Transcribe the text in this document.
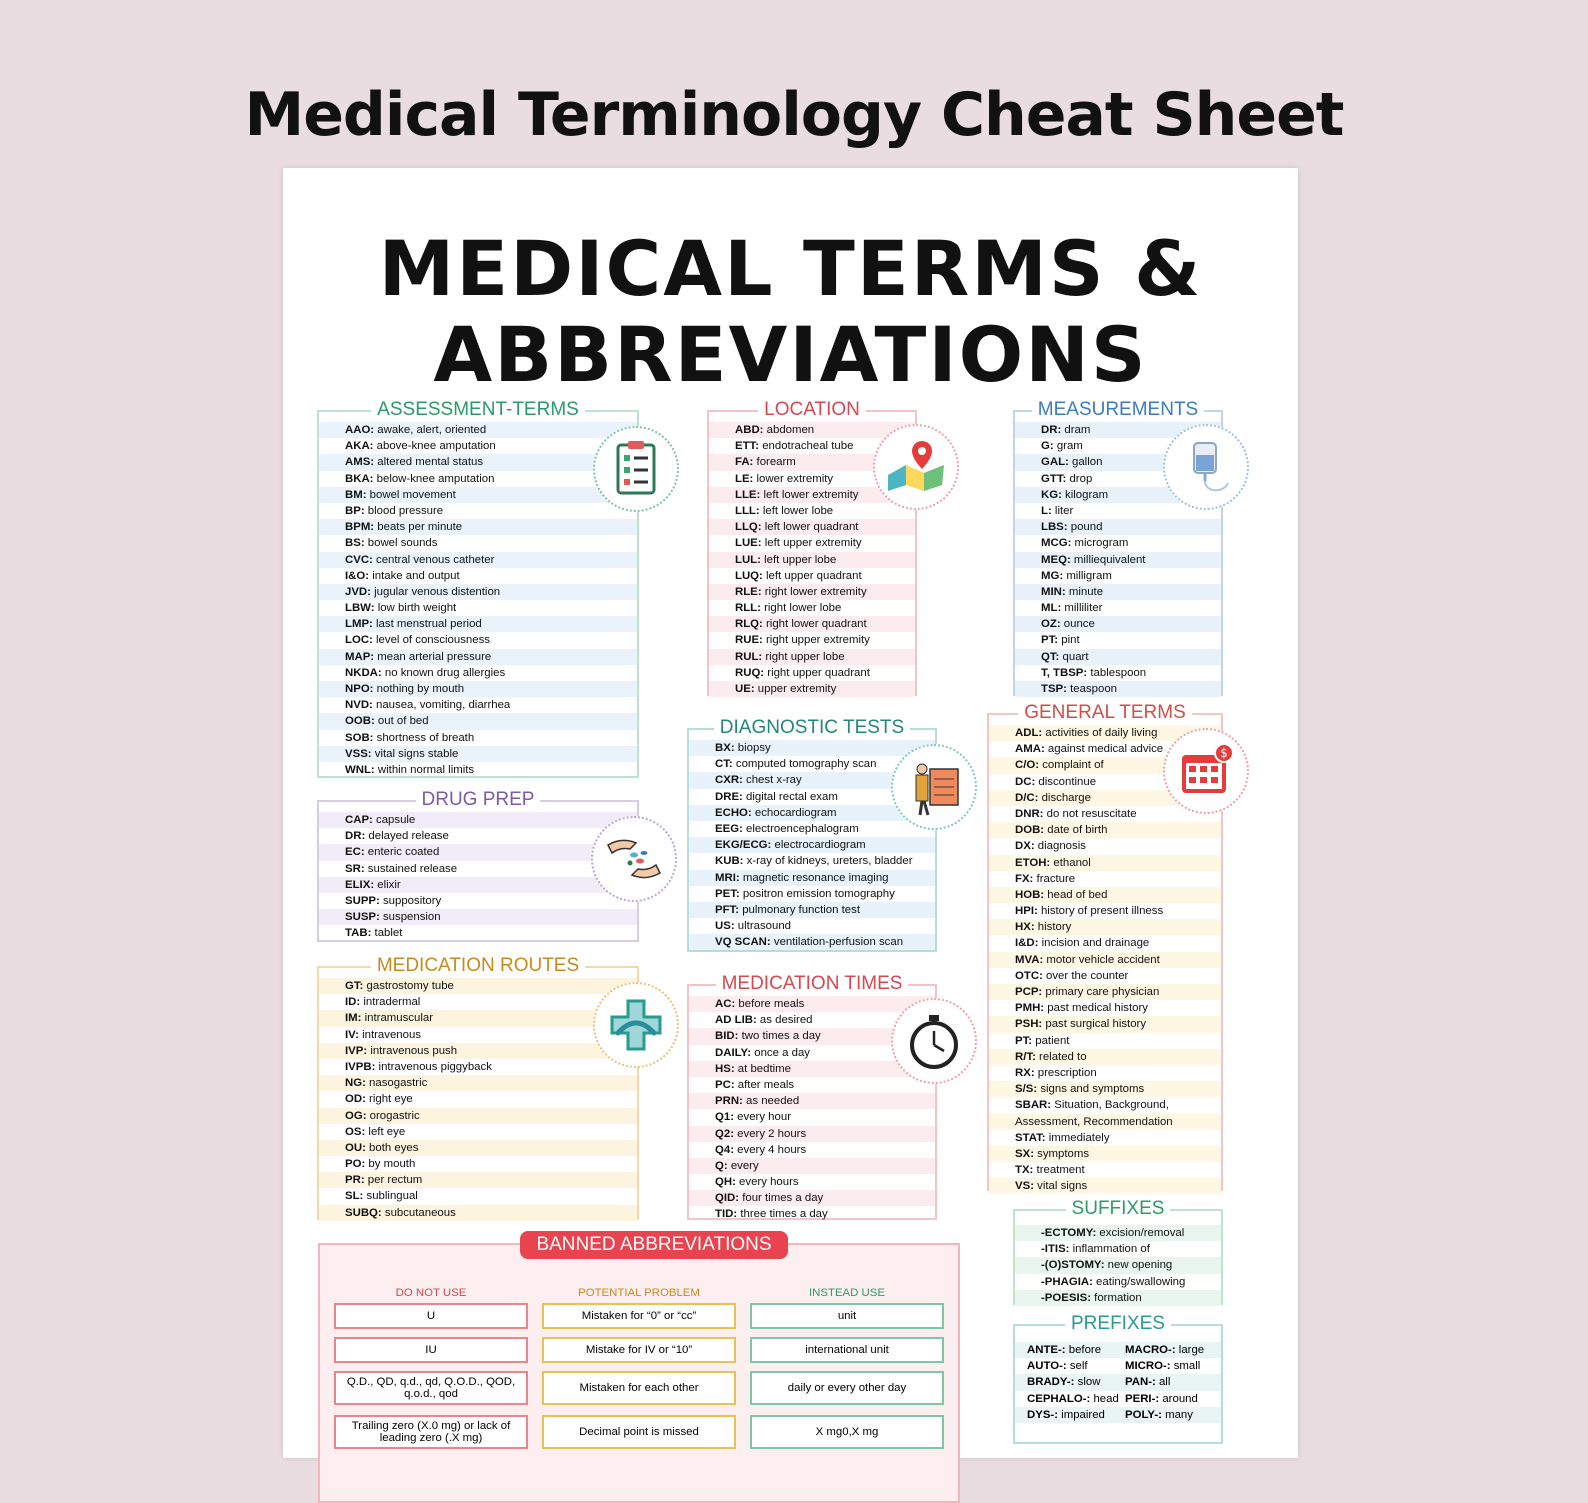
Medical Terminology Cheat Sheet
MEDICAL TERMS &
ABBREVIATIONS
ASSESSMENT-TERMS
AAO: awake, alert, oriented
AKA: above-knee amputation
AMS: altered mental status
BKA: below-knee amputation
BM: bowel movement
BP: blood pressure
BPM: beats per minute
BS: bowel sounds
CVC: central venous catheter
I&O: intake and output
JVD: jugular venous distention
LBW: low birth weight
LMP: last menstrual period
LOC: level of consciousness
MAP: mean arterial pressure
NKDA: no known drug allergies
NPO: nothing by mouth
NVD: nausea, vomiting, diarrhea
OOB: out of bed
SOB: shortness of breath
VSS: vital signs stable
WNL: within normal limits
LOCATION
ABD: abdomen
ETT: endotracheal tube
FA: forearm
LE: lower extremity
LLE: left lower extremity
LLL: left lower lobe
LLQ: left lower quadrant
LUE: left upper extremity
LUL: left upper lobe
LUQ: left upper quadrant
RLE: right lower extremity
RLL: right lower lobe
RLQ: right lower quadrant
RUE: right upper extremity
RUL: right upper lobe
RUQ: right upper quadrant
UE: upper extremity
MEASUREMENTS
DR: dram
G: gram
GAL: gallon
GTT: drop
KG: kilogram
L: liter
LBS: pound
MCG: microgram
MEQ: milliequivalent
MG: milligram
MIN: minute
ML: milliliter
OZ: ounce
PT: pint
QT: quart
T, TBSP: tablespoon
TSP: teaspoon
DRUG PREP
CAP: capsule
DR: delayed release
EC: enteric coated
SR: sustained release
ELIX: elixir
SUPP: suppository
SUSP: suspension
TAB: tablet
DIAGNOSTIC TESTS
BX: biopsy
CT: computed tomography scan
CXR: chest x-ray
DRE: digital rectal exam
ECHO: echocardiogram
EEG: electroencephalogram
EKG/ECG: electrocardiogram
KUB: x-ray of kidneys, ureters, bladder
MRI: magnetic resonance imaging
PET: positron emission tomography
PFT: pulmonary function test
US: ultrasound
VQ SCAN: ventilation-perfusion scan
GENERAL TERMS
ADL: activities of daily living
AMA: against medical advice
C/O: complaint of
DC: discontinue
D/C: discharge
DNR: do not resuscitate
DOB: date of birth
DX: diagnosis
ETOH: ethanol
FX: fracture
HOB: head of bed
HPI: history of present illness
HX: history
I&D: incision and drainage
MVA: motor vehicle accident
OTC: over the counter
PCP: primary care physician
PMH: past medical history
PSH: past surgical history
PT: patient
R/T: related to
RX: prescription
S/S: signs and symptoms
SBAR: Situation, Background,
Assessment, Recommendation
STAT: immediately
SX: symptoms
TX: treatment
VS: vital signs
$
MEDICATION ROUTES
GT: gastrostomy tube
ID: intradermal
IM: intramuscular
IV: intravenous
IVP: intravenous push
IVPB: intravenous piggyback
NG: nasogastric
OD: right eye
OG: orogastric
OS: left eye
OU: both eyes
PO: by mouth
PR: per rectum
SL: sublingual
SUBQ: subcutaneous
MEDICATION TIMES
AC: before meals
AD LIB: as desired
BID: two times a day
DAILY: once a day
HS: at bedtime
PC: after meals
PRN: as needed
Q1: every hour
Q2: every 2 hours
Q4: every 4 hours
Q: every
QH: every hours
QID: four times a day
TID: three times a day	SUFFIXES
-ECTOMY: excision/removal
-ITIS: inflammation of
-(O)STOMY: new opening
-PHAGIA: eating/swallowing
-POESIS: formation
PREFIXES
ANTE-: before	MACRO-: large
AUTO-: self	MICRO-: small
BRADY-: slow	PAN-: all
CEPHALO-: head PERI-: around
DYS-: impaired	POLY-: many
BANNED ABBREVIATIONS
DO NOT USE	POTENTIAL PROBLEM	INSTEAD USE
U	Mistaken for “0” or “cc”	unit
IU	Mistake for IV or “10”	international unit
Q.D., QD, q.d., qd, Q.O.D., QOD, q.o.d., qod	Mistaken for each other	daily or every other day
Trailing zero (X.0 mg) or lack of leading zero (.X mg)	Decimal point is missed	X mg0,X mg
